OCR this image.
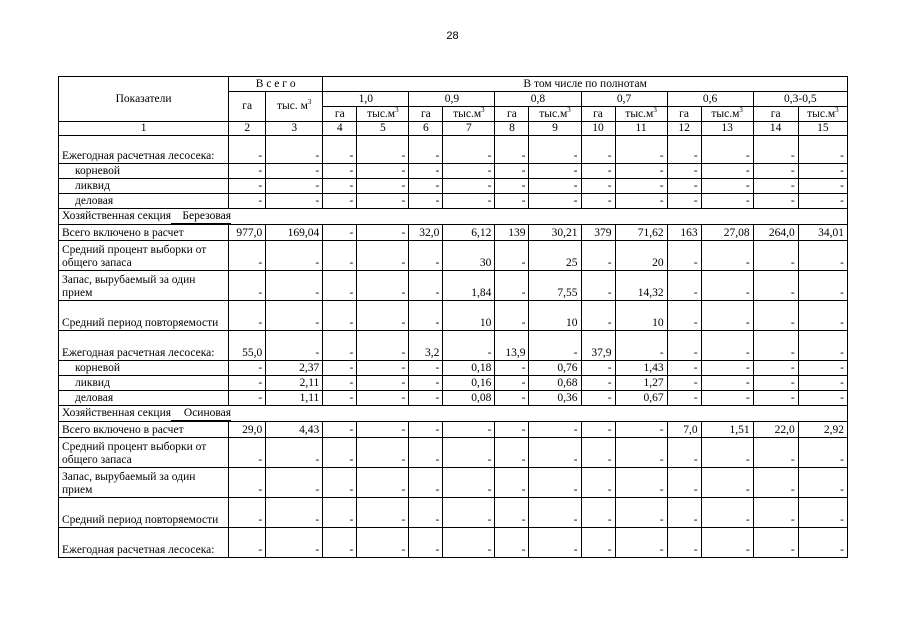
28
Показатели	В с е г о		В том числе по полнотам											
	га	тыс. $м^3$	1,0		0,9		0,8		0,7		0,6		0,3-0,5	
			га	$тыс.м^3$	га	$тыс.м^3$	га	$тыс.м^3$	га	$тыс.м^3$	га	$тыс.м^3$	га	$тыс.м^3$
1	2	3	4	5	6	7	8	9	10	11	12	13	14	15
Ежегодная расчетная лесосека:	-	-	-	-	-	-	-	-	-	-	-	-	-	-
корневой	-	-	-	-	-	-	-	-	-	-	-	-	-	-
ликвид	-	-	-	-	-	-	-	-	-	-	-	-	-	-
деловая	-	-	-	-	-	-	-	-	-	-	-	-	-	-
Хозяйственная секция Березовая														
Всего включено в расчет	977,0	169,04	-	-	32,0	6,12	139	30,21	379	71,62	163	27,08	264,0	34,01
Средний процент выборки от общего запаса	-	-	-	-	-	30	-	25	-	20	-	-	-	-
Запас, вырубаемый за один прием	-	-	-	-	-	1,84	-	7,55	-	14,32	-	-	-	-
Средний период повторяемости	-	-	-	-	-	10	-	10	-	10	-	-	-	-
Ежегодная расчетная лесосека:	55,0	-	-	-	3,2	-	13,9	-	37,9	-	-	-	-	-
корневой	-	2,37	-	-	-	0,18	-	0,76	-	1,43	-	-	-	-
ликвид	-	2,11	-	-	-	0,16	-	0,68	-	1,27	-	-	-	-
деловая	-	1,11	-	-	-	0,08	-	0,36	-	0,67	-	-	-	-
Хозяйственная секция Осиновая														
Всего включено в расчет	29,0	4,43	-	-	-	-	-	-	-	-	7,0	1,51	22,0	2,92
Средний процент выборки от общего запаса	-	-	-	-	-	-	-	-	-	-	-	-	-	-
Запас, вырубаемый за один прием	-	-	-	-	-	-	-	-	-	-	-	-	-	-
Средний период повторяемости	-	-	-	-	-	-	-	-	-	-	-	-	-	-
Ежегодная расчетная лесосека:	-	-	-	-	-	-	-	-	-	-	-	-	-	-
